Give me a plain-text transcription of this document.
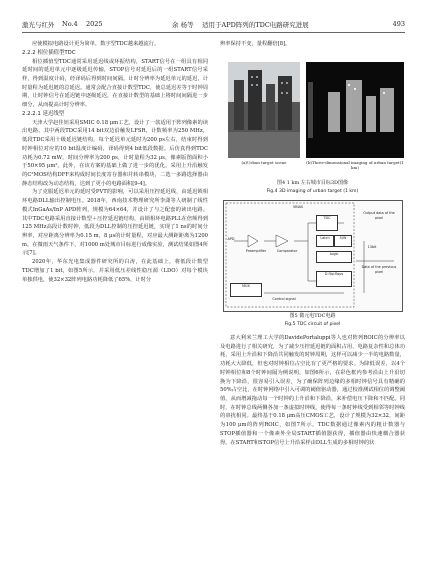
激光与红外 No.4 2025	余 杨等 适用于APD阵列的TDC电路研究进展	493

应使模拟电路设计更为简单，数字型TDC越来越流行。

2.2.2 相位插值型TDC

相位插值型TDC通常采用延迟线或环振结构，START信号在一组具有相同延时间的延迟单元中逐级延迟传输，STOP信号对延迟后的一组START信号采样，得到温度计码，经译码后得到时间间隔。计时分辨率为延迟单元的延迟，计时量程为延迟链的总延迟。通常会配合直接计数型TDC，使总延迟差等于时钟周期，让时钟信号在延迟链中逐级延迟，在直接计数型的基础上将时间间隔进一步细分，从而提高计时分辨率。

2.2.2.1 延迟线型

天津大学赵佳姮采用SMIC 0.18 μm工艺，设计了一款适用于阵列像素的读出电路。其中两段TDC采用14 bit双边沿触发LFSR，计数频率为250 MHz，低段TDC采用十级延迟链结构，每个延迟单元延时为200 ps左右，结束时得到时钟相位对应的10 bit温度计编码，译码得到4 bit低段数据。后仿真得到TDC功耗为0.72 mW，时间分辨率为200 ps，计时量程为32 μs，像素版图面积小于50×95 μm²。此外，在该方案的基础上做了进一步的优化，采用上升沿触发的C²MOS结构DFF来构成时间长度寄存器和并转串模块，二选一多路选择器由静态结构改为动态结构，达到了更小的电路面积[9-4]。

为了克服延迟单元的延时受PVT的影响，可以采用压控延迟线，由延迟锁相环电路DLL输出控制电压。2018年，西南技术物理研究所李潇等人研制了线性模式InGaAs/InP APD阵列，规模为64×64，并设计了与之配套的读出电路。其中TDC电路采用直接计数型＋压控延迟链结构，由锁相环电路PLL在倍频得到125 MHz高段计数时钟，低段为DLL控制的压控延迟链，实现了1 ns的时间分辨率，对应距离分辨率为0.15 m，8 μs的计时量程，对应最大测距距离为1200 m。在微雨天气条件下，对1000 m处城市目标进行成像实验，测试结果如图4所示[7]。

2020年，华东光电集成器件研究所的白涛，在此基础上，将低段计数型TDC增加了1 bit，如图5所示，并采用低压差线性稳压源（LDO）对每个模块单独供电，使32×32阵列电路功耗降低了65%，计时分

辨率保持不变，量程翻倍[8]。

(a)Urban target scene	(b)Three-dimensional imaging of urban target(1 km)
图4 1 km 左右城市目标3D图像
Fig.4 3D imaging of urban target (1 km)
APD
Preamplifier	Comparator
VBIAS
TDC
Latch	S/W
Logic
MUX
D flip-flops
Control signal
Output data of the pixel
Data of the previous pixel
13bit
图5 微元电TDC电路
Fig.5 TDC circuit of pixel

意大利米兰理工大学的DavidePortaluppi等人也对阵列ROIC的分辨率以及电路进行了相关研究，为了减少压控延迟链的面积占用、电路复杂性和总体功耗，采用上升沿和下降沿共同触发的时钟周期，这样可以减少一半的电路数量，功耗大大降低，但也对时钟相位占空比有了更严格的要求。为降低误差，以4个时钟相位和8个时钟间隔为例说明，如图6所示，在彩色框内参考沿由上升沿切换为下降沿，很容易引入误差，为了确保阵列边缘的多相时钟信号具有精确的50%占空比，在时钟网络中引入可调的阈值驱动器，通过校准测试相位的调整阈值，从而增减拖动每一个时钟的上升沿和下降沿，来补偿电压下降和不匹配。同时，在时钟总线两侧各加一条虚拟时钟线，使得每一条时钟线受到相邻等时钟线的串扰相同。最终基于0.18 μm高压CMOS工艺，设计了规模为32×32，间距为100 μm的阵列ROIC，如图7所示。TDC数据通过像素内的粗计数器与STOP插值器和一个像素外全局START插值器获得，插值器由快速耦合器获得。在START和STOP信号上升沿采样由DLL生成的多相时钟的状
